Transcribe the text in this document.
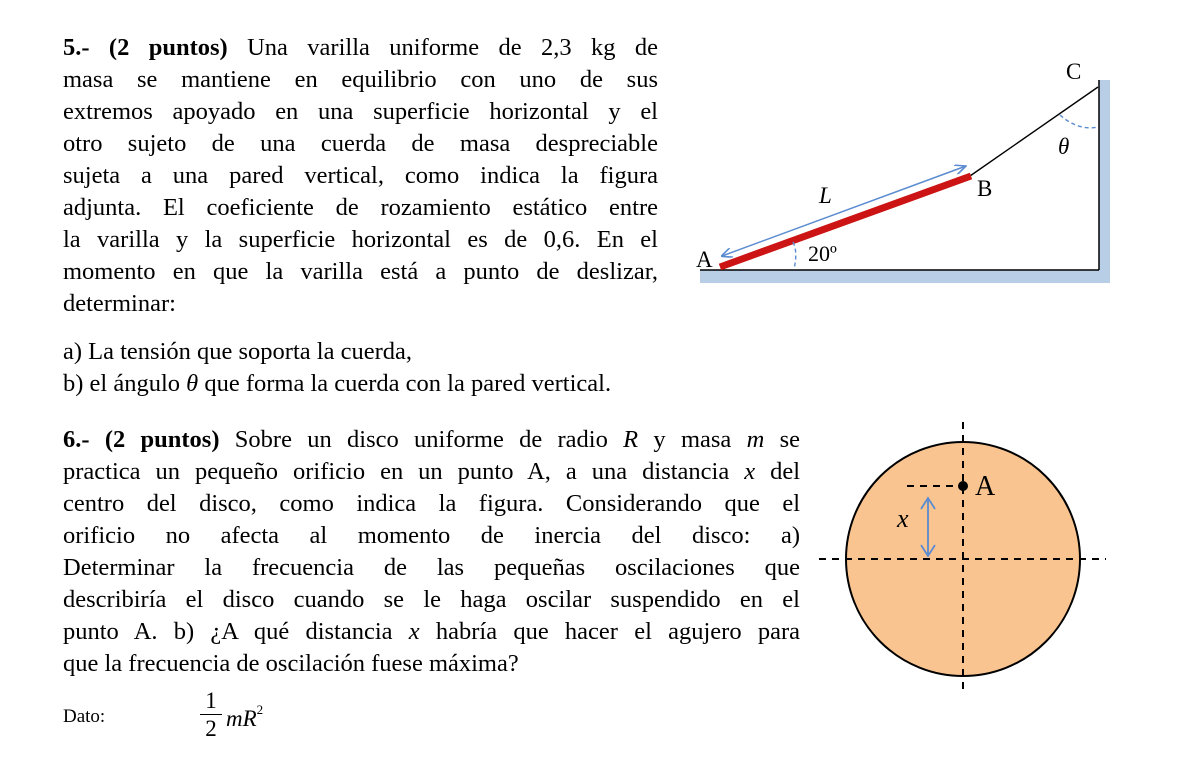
5.- (2 puntos) Una varilla uniforme de 2,3 kg de
masa se mantiene en equilibrio con uno de sus
extremos apoyado en una superficie horizontal y el
otro sujeto de una cuerda de masa despreciable
sujeta a una pared vertical, como indica la figura
adjunta. El coeficiente de rozamiento estático entre
la varilla y la superficie horizontal es de 0,6. En el
momento en que la varilla está a punto de deslizar,
determinar:
a) La tensión que soporta la cuerda,
b) el ángulo θ que forma la cuerda con la pared vertical.
A
B
C
L
θ
20º
6.- (2 puntos) Sobre un disco uniforme de radio R y masa m se
practica un pequeño orificio en un punto A, a una distancia x del
centro del disco, como indica la figura. Considerando que el
orificio no afecta al momento de inercia del disco: a)
Determinar la frecuencia de las pequeñas oscilaciones que
describiría el disco cuando se le haga oscilar suspendido en el
punto A. b) ¿A qué distancia x habría que hacer el agujero para
que la frecuencia de oscilación fuese máxima?
A
x
Dato:
1
2 $mR^2$
